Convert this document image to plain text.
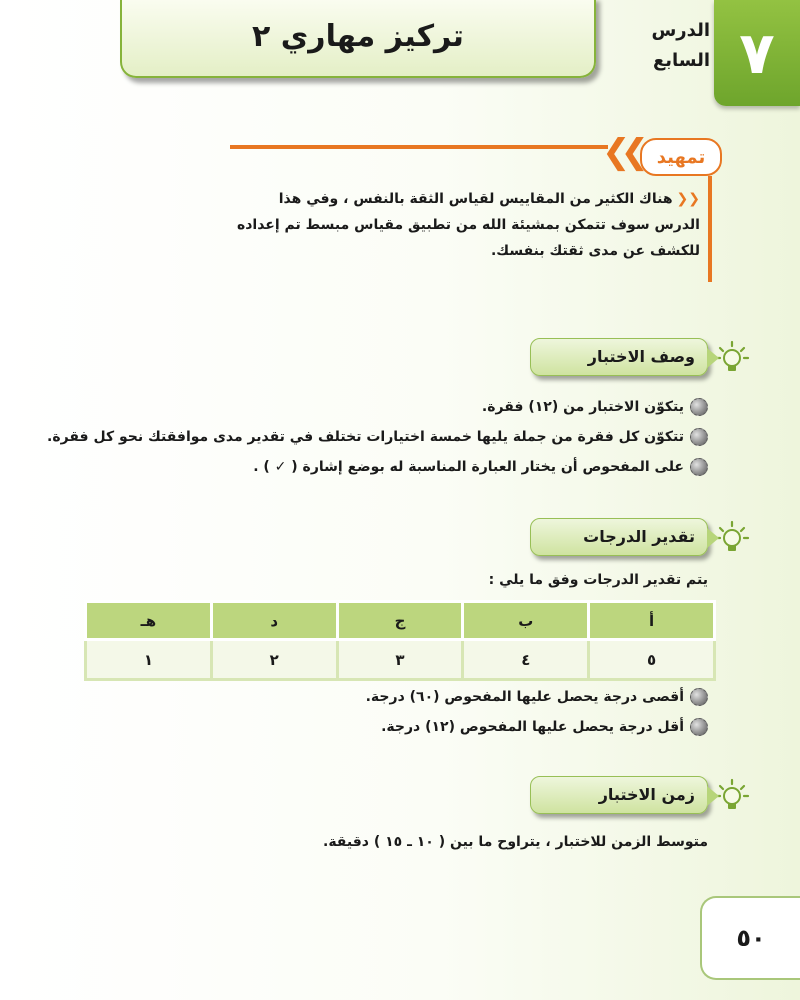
٧
الدرس
السابع
تركيز مهاري ٢
❮❮ تمهيد
❮❮هناك الكثير من المقاييس لقياس الثقة بالنفس ، وفي هذا الدرس سوف تتمكن بمشيئة الله من تطبيق مقياس مبسط تم إعداده للكشف عن مدى ثقتك بنفسك.
وصف الاختبار
يتكوّن الاختبار من (١٢) فقرة.
تتكوّن كل فقرة من جملة يليها خمسة اختيارات تختلف في تقدير مدى موافقتك نحو كل فقرة.
على المفحوص أن يختار العبارة المناسبة له بوضع إشارة ( ✓ ) .
تقدير الدرجات
يتم تقدير الدرجات وفق ما يلي :
أ	ب	ج	د	هـ
٥	٤	٣	٢	١
أقصى درجة يحصل عليها المفحوص (٦٠) درجة.
أقل درجة يحصل عليها المفحوص (١٢) درجة.
زمن الاختبار
متوسط الزمن للاختبار ، يتراوح ما بين ( ١٠ ـ ١٥ ) دقيقة.
٥٠
